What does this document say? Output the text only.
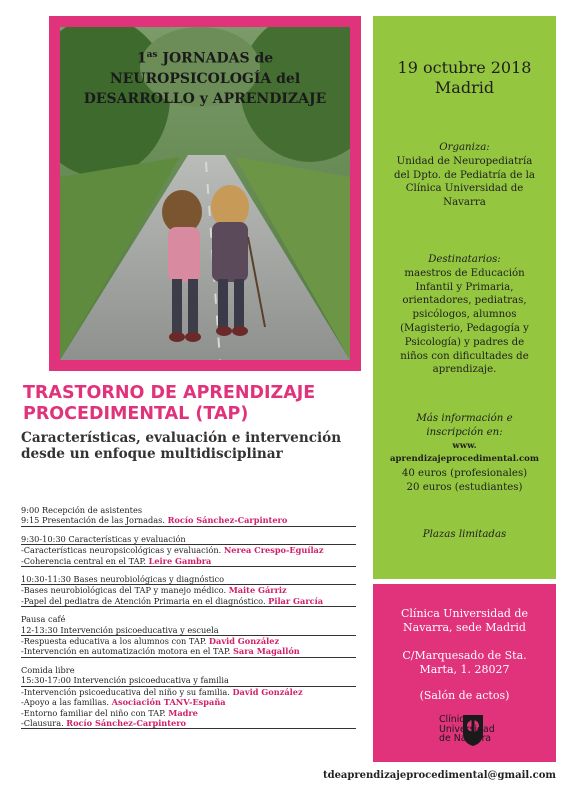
$1^{as}$ JORNADAS de
NEUROPSICOLOGÍA del
DESARROLLO y APRENDIZAJE
19 octubre 2018
Madrid
Organiza:
Unidad de Neuropediatría
del Dpto. de Pediatría de la
Clínica Universidad de
Navarra
Destinatarios:
maestros de Educación
Infantil y Primaria,
orientadores, pediatras,
psicólogos, alumnos
(Magisterio, Pedagogía y
Psicología) y padres de
niños con dificultades de
aprendizaje.
Más información e
inscripción en:
www.
aprendizajeprocedimental.com
40 euros (profesionales)
20 euros (estudiantes)
Plazas limitadas

Clínica Universidad de

Navarra, sede Madrid

C/Marquesado de Sta.

Marta, 1. 28027

(Salón de actos)

Clínica
Universidad
de Navarra
TRASTORNO DE APRENDIZAJE
PROCEDIMENTAL (TAP)
Características, evaluación e intervención
desde un enfoque multidisciplinar
9:00 Recepción de asistentes
9:15 Presentación de las Jornadas. Rocío Sánchez-Carpintero
9:30-10:30 Características y evaluación
-Características neuropsicológicas y evaluación. Nerea Crespo-Eguílaz
-Coherencia central en el TAP. Leire Gambra
10:30-11:30 Bases neurobiológicas y diagnóstico
-Bases neurobiológicas del TAP y manejo médico. Maite Gárriz
-Papel del pediatra de Atención Primaria en el diagnóstico. Pilar García
Pausa café
12-13:30 Intervención psicoeducativa y escuela
-Respuesta educativa a los alumnos con TAP. David González
-Intervención en automatización motora en el TAP. Sara Magallón
Comida libre
15:30-17:00 Intervención psicoeducativa y familia
-Intervención psicoeducativa del niño y su familia. David González
-Apoyo a las familias. Asociación TANV-España
-Entorno familiar del niño con TAP. Madre
-Clausura. Rocío Sánchez-Carpintero
tdeaprendizajeprocedimental@gmail.com
